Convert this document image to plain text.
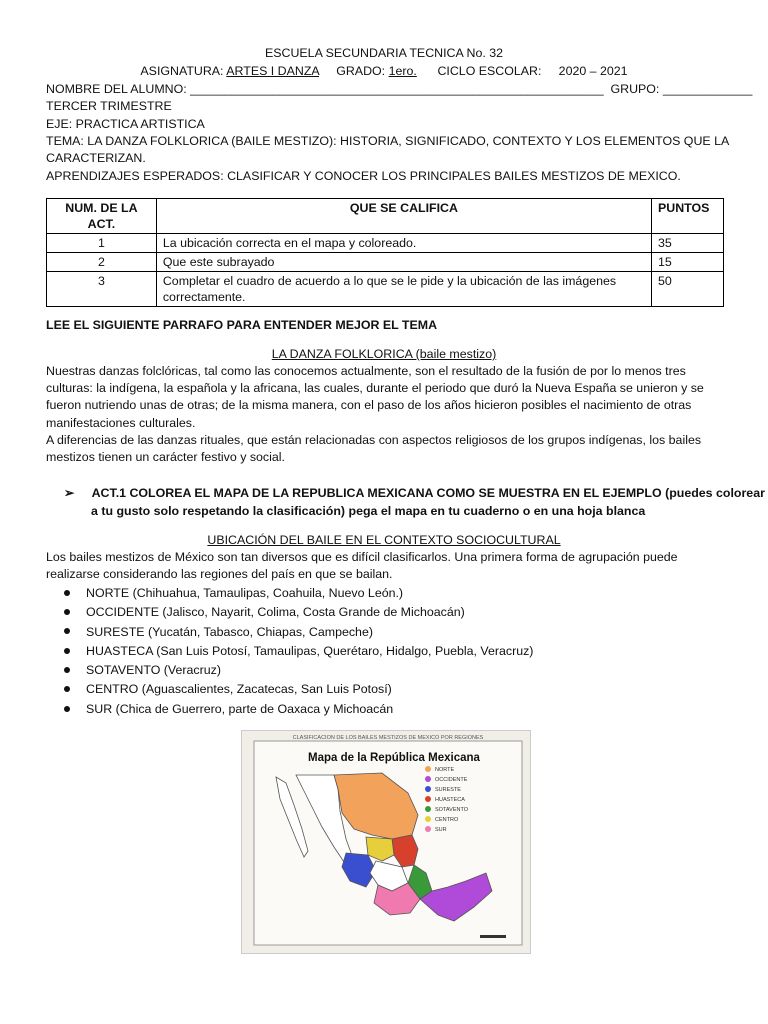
ESCUELA SECUNDARIA TECNICA No. 32
ASIGNATURA: ARTES I DANZA GRADO: 1ero. CICLO ESCOLAR: 2020 – 2021
NOMBRE DEL ALUMNO: ____________________________________________________________ GRUPO: _____________
TERCER TRIMESTRE
EJE: PRACTICA ARTISTICA
TEMA: LA DANZA FOLKLORICA (BAILE MESTIZO): HISTORIA, SIGNIFICADO, CONTEXTO Y LOS ELEMENTOS QUE LA
CARACTERIZAN.
APRENDIZAJES ESPERADOS: CLASIFICAR Y CONOCER LOS PRINCIPALES BAILES MESTIZOS DE MEXICO.
NUM. DE LA ACT.	QUE SE CALIFICA	PUNTOS
1	La ubicación correcta en el mapa y coloreado.	35
2	Que este subrayado	15
3	Completar el cuadro de acuerdo a lo que se le pide y la ubicación de las imágenes correctamente.	50
LEE EL SIGUIENTE PARRAFO PARA ENTENDER MEJOR EL TEMA
LA DANZA FOLKLORICA (baile mestizo)
Nuestras danzas folclóricas, tal como las conocemos actualmente, son el resultado de la fusión de por lo menos tres culturas: la indígena, la española y la africana, las cuales, durante el periodo que duró la Nueva España se unieron y se fueron nutriendo unas de otras; de la misma manera, con el paso de los años hicieron posibles el nacimiento de otras manifestaciones culturales.
A diferencias de las danzas rituales, que están relacionadas con aspectos religiosos de los grupos indígenas, los bailes mestizos tienen un carácter festivo y social.
➢ ACT.1 COLOREA EL MAPA DE LA REPUBLICA MEXICANA COMO SE MUESTRA EN EL EJEMPLO (puedes colorear
a tu gusto solo respetando la clasificación) pega el mapa en tu cuaderno o en una hoja blanca
UBICACIÓN DEL BAILE EN EL CONTEXTO SOCIOCULTURAL
Los bailes mestizos de México son tan diversos que es difícil clasificarlos. Una primera forma de agrupación puede realizarse considerando las regiones del país en que se bailan.
NORTE (Chihuahua, Tamaulipas, Coahuila, Nuevo León.)
OCCIDENTE (Jalisco, Nayarit, Colima, Costa Grande de Michoacán)
SURESTE (Yucatán, Tabasco, Chiapas, Campeche)
HUASTECA (San Luis Potosí, Tamaulipas, Querétaro, Hidalgo, Puebla, Veracruz)
SOTAVENTO (Veracruz)
CENTRO (Aguascalientes, Zacatecas, San Luis Potosí)
SUR (Chica de Guerrero, parte de Oaxaca y Michoacán
CLASIFICACION DE LOS BAILES MESTIZOS DE MEXICO POR REGIONES
Mapa de la República Mexicana
NORTE
OCCIDENTE
SURESTE
HUASTECA
SOTAVENTO
CENTRO
SUR
